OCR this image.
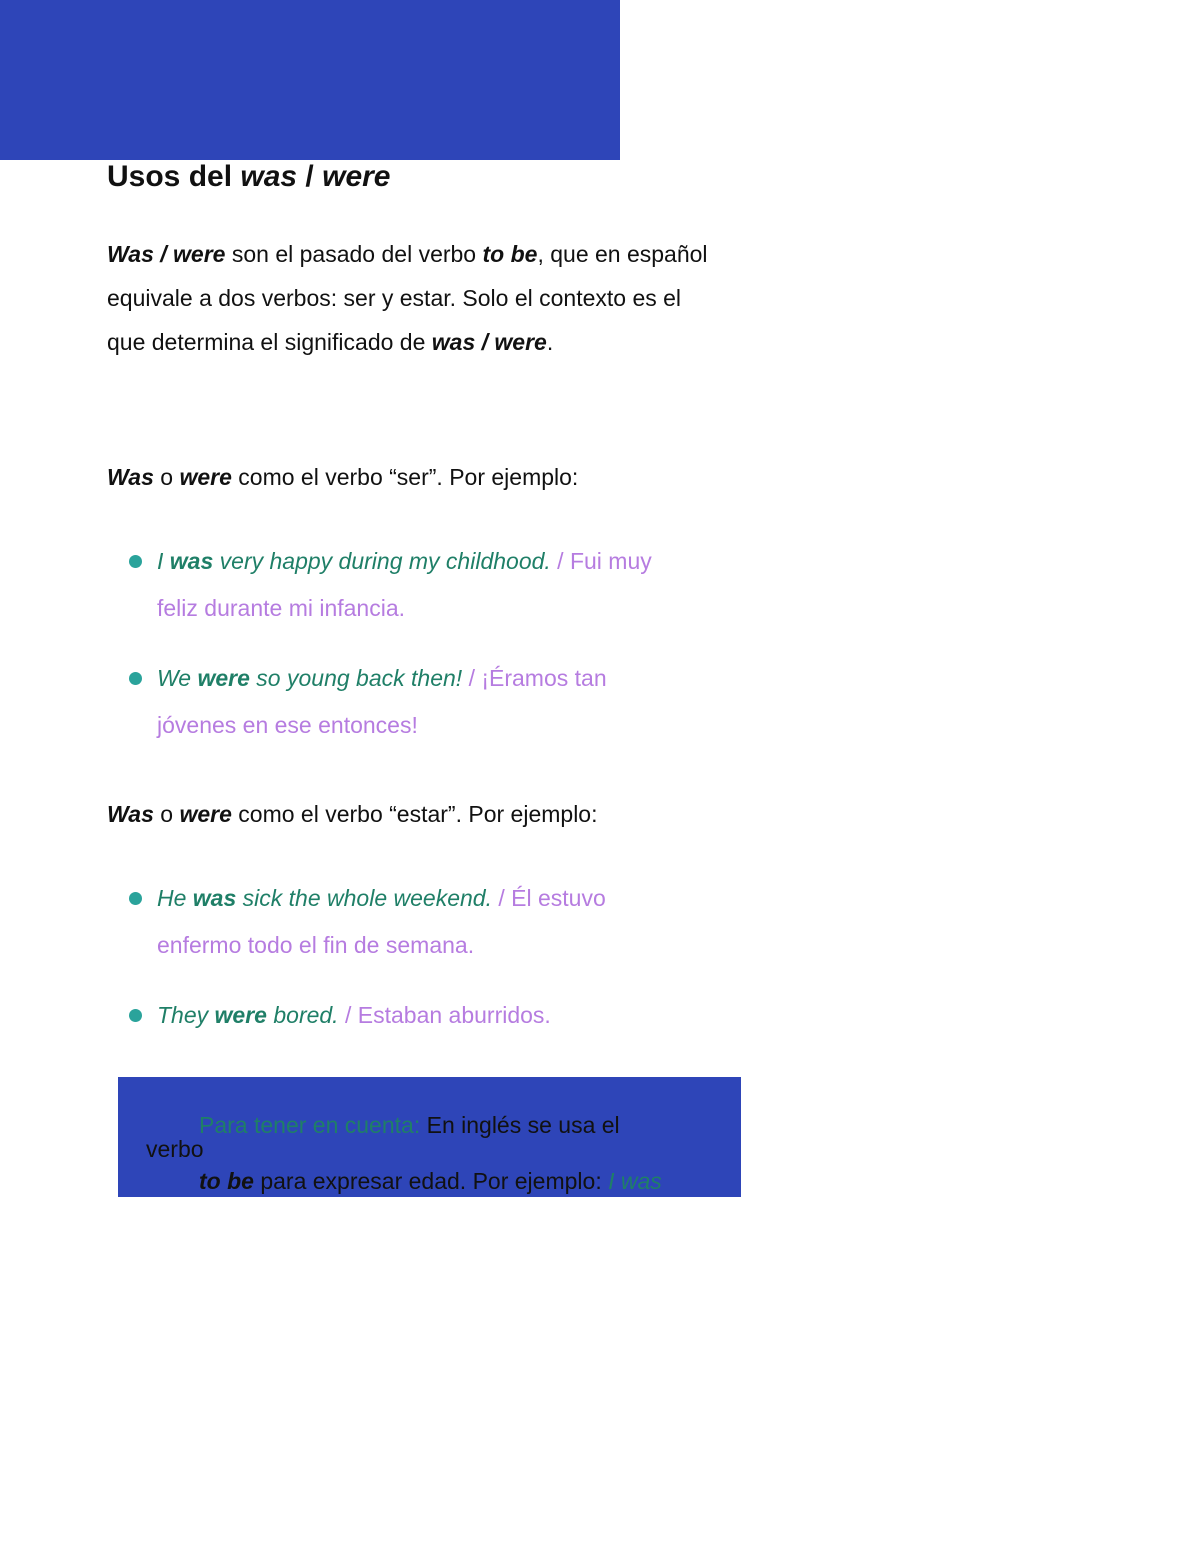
Usos del was / were

Was / were son el pasado del verbo to be, que en español equivale a dos verbos: ser y estar. Solo el contexto es el que determina el significado de was / were.

Was o were como el verbo “ser”. Por ejemplo:

I was very happy during my childhood. / Fui muy feliz durante mi infancia.
We were so young back then! / ¡Éramos tan jóvenes en ese entonces!

Was o were como el verbo “estar”. Por ejemplo:

He was sick the whole weekend. / Él estuvo enfermo todo el fin de semana.
They were bored. / Estaban aburridos.
Para tener en cuenta: En inglés se usa el
verbo
to be para expresar edad. Por ejemplo: I was
